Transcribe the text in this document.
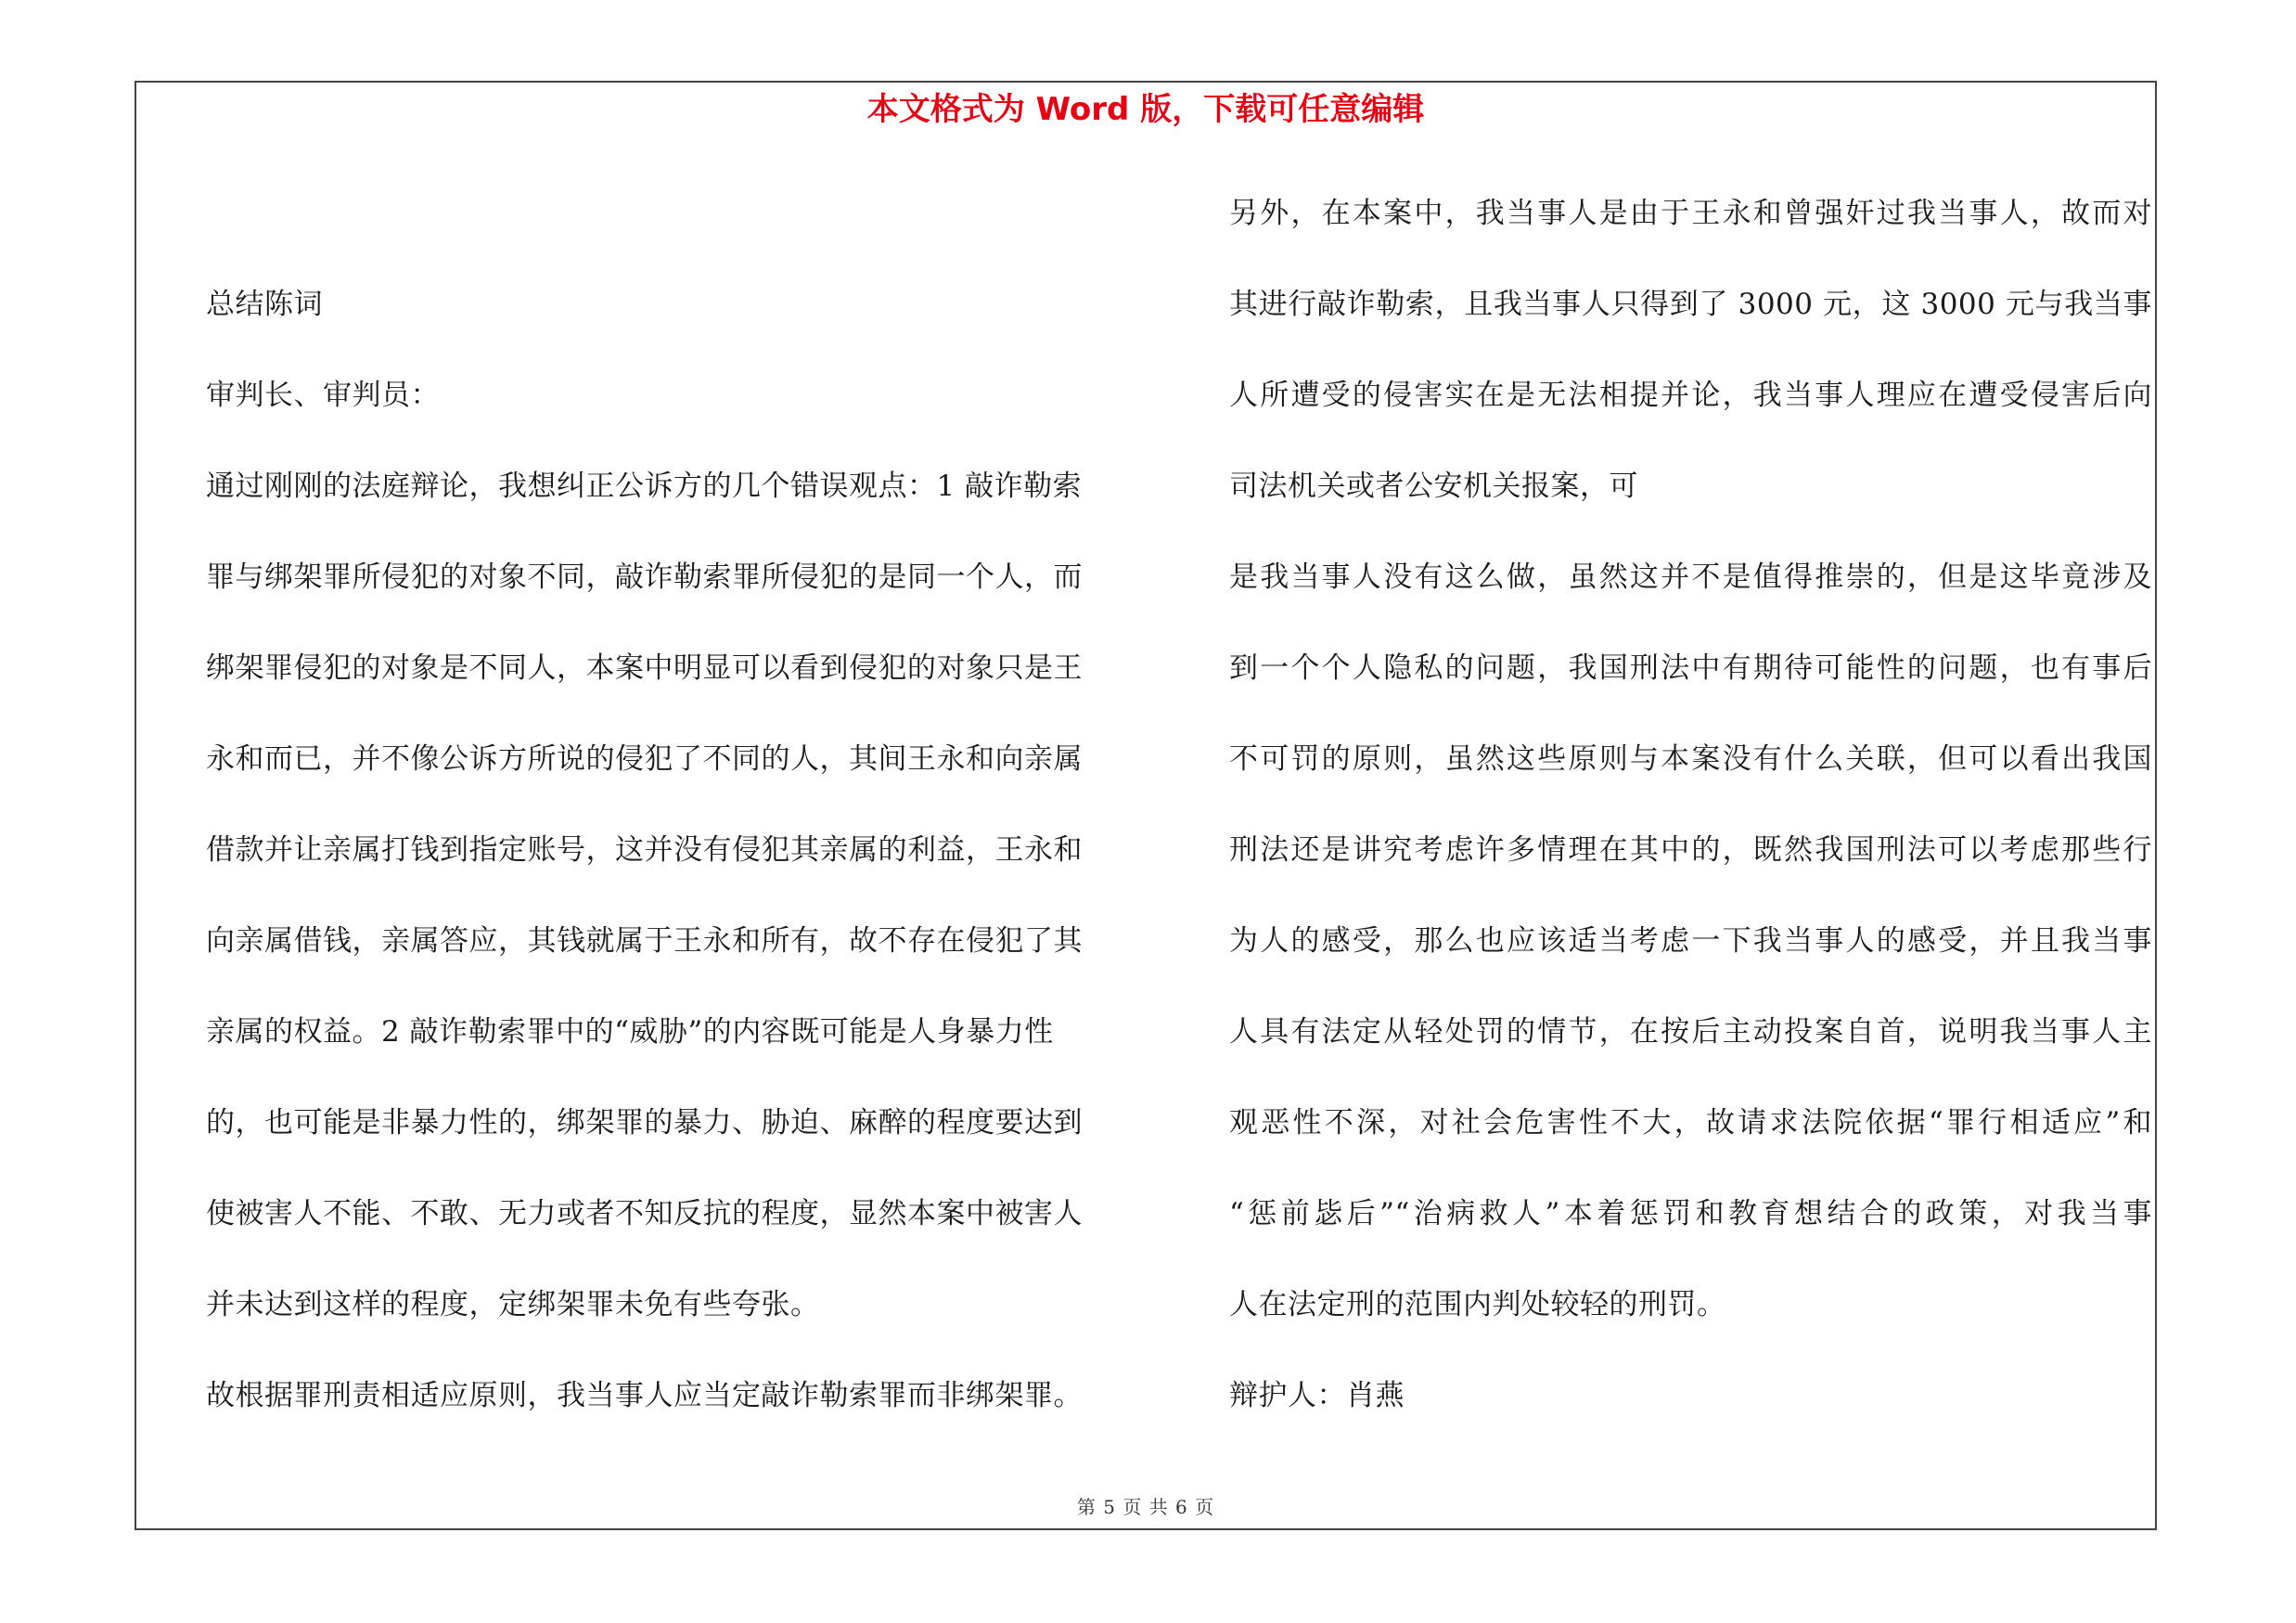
本文格式为 Word 版，下载可任意编辑
总结陈词
审判长、审判员：
通过刚刚的法庭辩论，我想纠正公诉方的几个错误观点：1 敲诈勒索
罪与绑架罪所侵犯的对象不同，敲诈勒索罪所侵犯的是同一个人，而
绑架罪侵犯的对象是不同人，本案中明显可以看到侵犯的对象只是王
永和而已，并不像公诉方所说的侵犯了不同的人，其间王永和向亲属
借款并让亲属打钱到指定账号，这并没有侵犯其亲属的利益，王永和
向亲属借钱，亲属答应，其钱就属于王永和所有，故不存在侵犯了其
亲属的权益。2 敲诈勒索罪中的“威胁”的内容既可能是人身暴力性
的，也可能是非暴力性的，绑架罪的暴力、胁迫、麻醉的程度要达到
使被害人不能、不敢、无力或者不知反抗的程度，显然本案中被害人
并未达到这样的程度，定绑架罪未免有些夸张。
故根据罪刑责相适应原则，我当事人应当定敲诈勒索罪而非绑架罪。
另外，在本案中，我当事人是由于王永和曾强奸过我当事人，故而对
其进行敲诈勒索，且我当事人只得到了 3000 元，这 3000 元与我当事
人所遭受的侵害实在是无法相提并论，我当事人理应在遭受侵害后向
司法机关或者公安机关报案，可
是我当事人没有这么做，虽然这并不是值得推崇的，但是这毕竟涉及
到一个个人隐私的问题，我国刑法中有期待可能性的问题，也有事后
不可罚的原则，虽然这些原则与本案没有什么关联，但可以看出我国
刑法还是讲究考虑许多情理在其中的，既然我国刑法可以考虑那些行
为人的感受，那么也应该适当考虑一下我当事人的感受，并且我当事
人具有法定从轻处罚的情节，在按后主动投案自首，说明我当事人主
观恶性不深，对社会危害性不大，故请求法院依据“罪行相适应”和
“惩前毖后”“治病救人”本着惩罚和教育想结合的政策，对我当事
人在法定刑的范围内判处较轻的刑罚。
辩护人：肖燕
第 5 页 共 6 页
